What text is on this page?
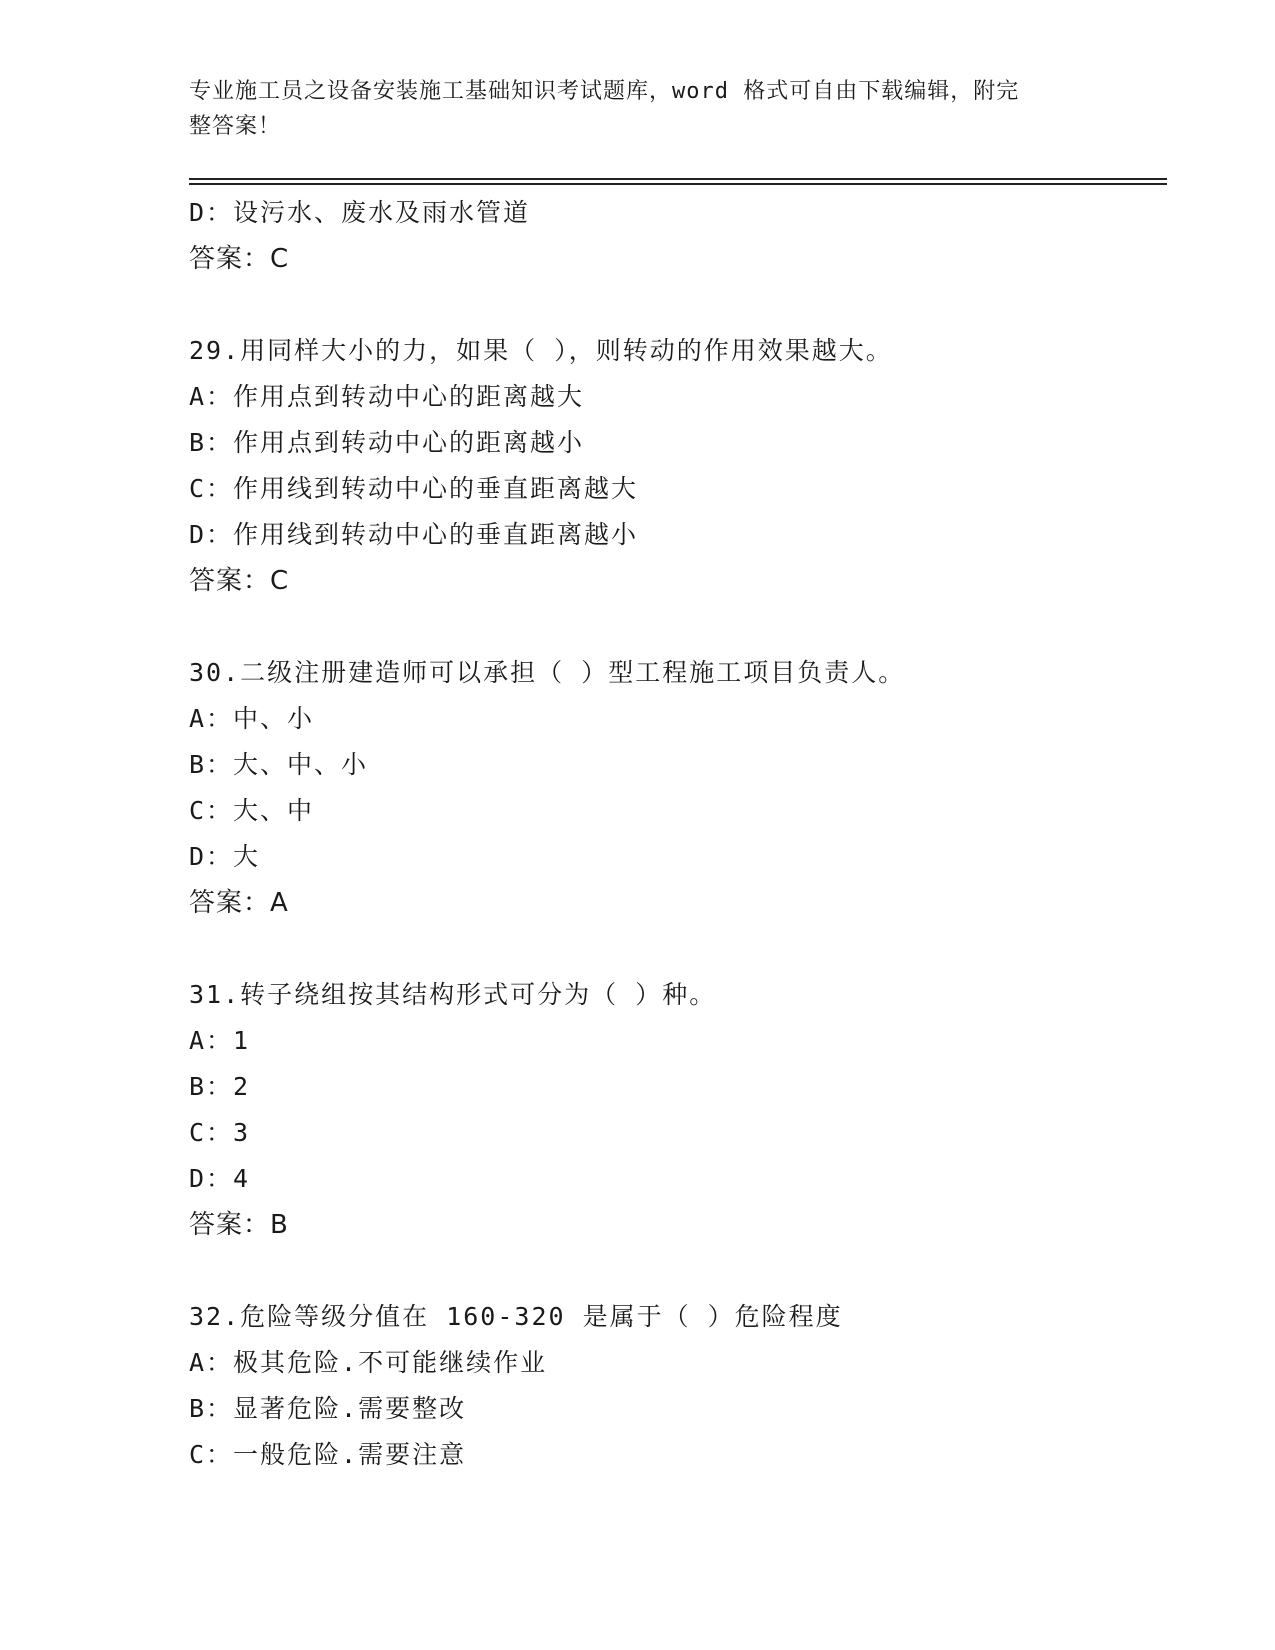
专业施工员之设备安装施工基础知识考试题库，word 格式可自由下载编辑，附完
整答案！
D：设污水、废水及雨水管道
答案：C
29.用同样大小的力，如果（ ），则转动的作用效果越大。
A：作用点到转动中心的距离越大
B：作用点到转动中心的距离越小
C：作用线到转动中心的垂直距离越大
D：作用线到转动中心的垂直距离越小
答案：C
30.二级注册建造师可以承担（ ）型工程施工项目负责人。
A：中、小
B：大、中、小
C：大、中
D：大
答案：A
31.转子绕组按其结构形式可分为（ ）种。
A：1
B：2
C：3
D：4
答案：B
32.危险等级分值在 160-320 是属于（ ）危险程度
A：极其危险.不可能继续作业
B：显著危险.需要整改
C：一般危险.需要注意
